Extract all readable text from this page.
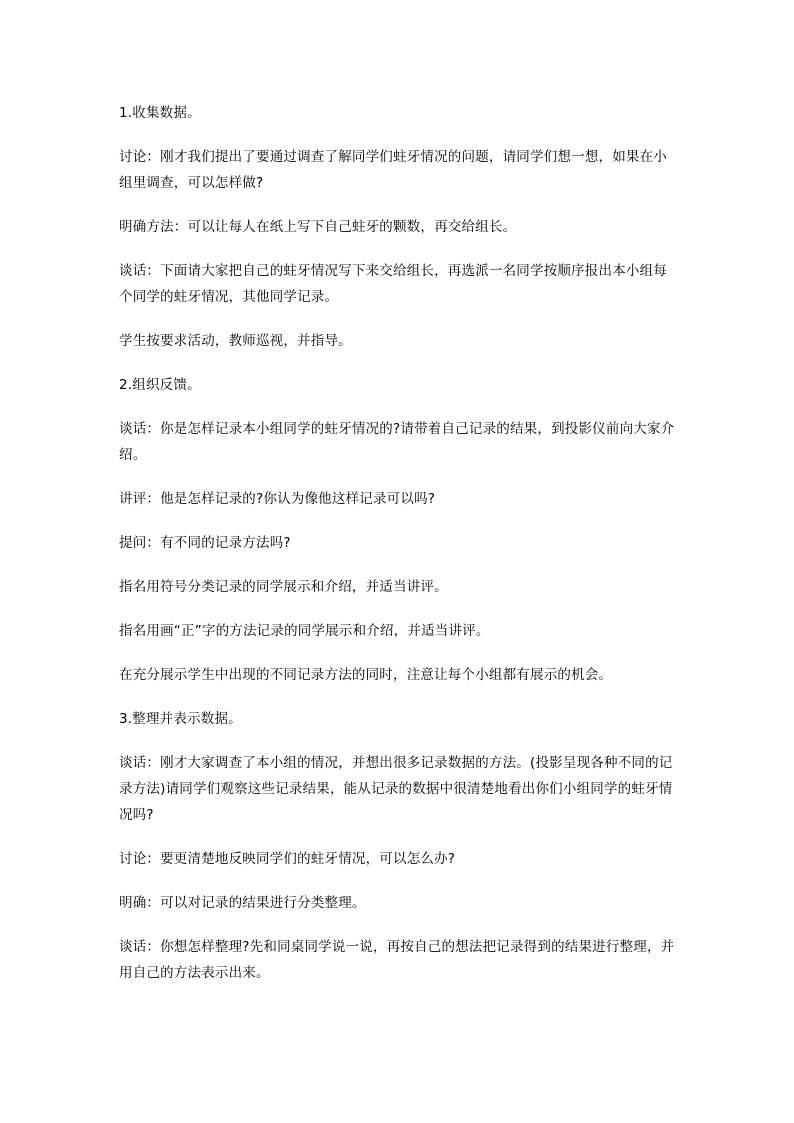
1.收集数据。

讨论：刚才我们提出了要通过调查了解同学们蛀牙情况的问题，请同学们想一想，如果在小组里调查，可以怎样做?

明确方法：可以让每人在纸上写下自己蛀牙的颗数，再交给组长。

谈话：下面请大家把自己的蛀牙情况写下来交给组长，再选派一名同学按顺序报出本小组每个同学的蛀牙情况，其他同学记录。

学生按要求活动，教师巡视，并指导。

2.组织反馈。

谈话：你是怎样记录本小组同学的蛀牙情况的?请带着自己记录的结果，到投影仪前向大家介绍。

讲评：他是怎样记录的?你认为像他这样记录可以吗?

提问：有不同的记录方法吗?

指名用符号分类记录的同学展示和介绍，并适当讲评。

指名用画“正”字的方法记录的同学展示和介绍，并适当讲评。

在充分展示学生中出现的不同记录方法的同时，注意让每个小组都有展示的机会。

3.整理并表示数据。

谈话：刚才大家调查了本小组的情况，并想出很多记录数据的方法。(投影呈现各种不同的记录方法)请同学们观察这些记录结果，能从记录的数据中很清楚地看出你们小组同学的蛀牙情况吗?

讨论：要更清楚地反映同学们的蛀牙情况，可以怎么办?

明确：可以对记录的结果进行分类整理。

谈话：你想怎样整理?先和同桌同学说一说，再按自己的想法把记录得到的结果进行整理，并用自己的方法表示出来。
